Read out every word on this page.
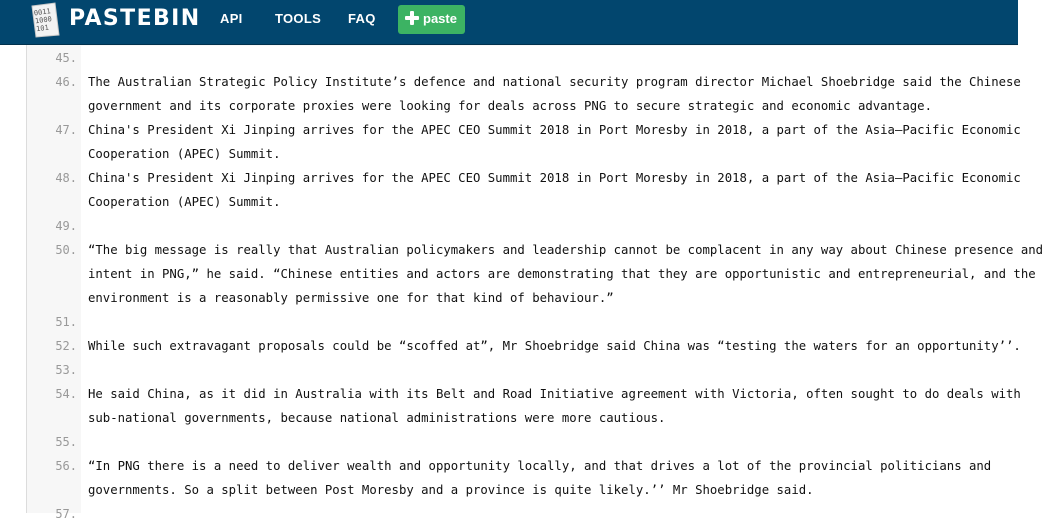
0011
1000
101 PASTEBIN API TOOLS FAQ	paste
45.
46. The Australian Strategic Policy Institute’s defence and national security program director Michael Shoebridge said the Chinese
government and its corporate proxies were looking for deals across PNG to secure strategic and economic advantage.
47. China's President Xi Jinping arrives for the APEC CEO Summit 2018 in Port Moresby in 2018, a part of the Asia–Pacific Economic
Cooperation (APEC) Summit.
48. China's President Xi Jinping arrives for the APEC CEO Summit 2018 in Port Moresby in 2018, a part of the Asia–Pacific Economic
Cooperation (APEC) Summit.
49.
50. “The big message is really that Australian policymakers and leadership cannot be complacent in any way about Chinese presence and
intent in PNG,” he said. “Chinese entities and actors are demonstrating that they are opportunistic and entrepreneurial, and the
environment is a reasonably permissive one for that kind of behaviour.”
51.
52. While such extravagant proposals could be “scoffed at”, Mr Shoebridge said China was “testing the waters for an opportunity’’.
53.
54. He said China, as it did in Australia with its Belt and Road Initiative agreement with Victoria, often sought to do deals with
sub-national governments, because national administrations were more cautious.
55.
56. “In PNG there is a need to deliver wealth and opportunity locally, and that drives a lot of the provincial politicians and
governments. So a split between Post Moresby and a province is quite likely.’’ Mr Shoebridge said.
57.
